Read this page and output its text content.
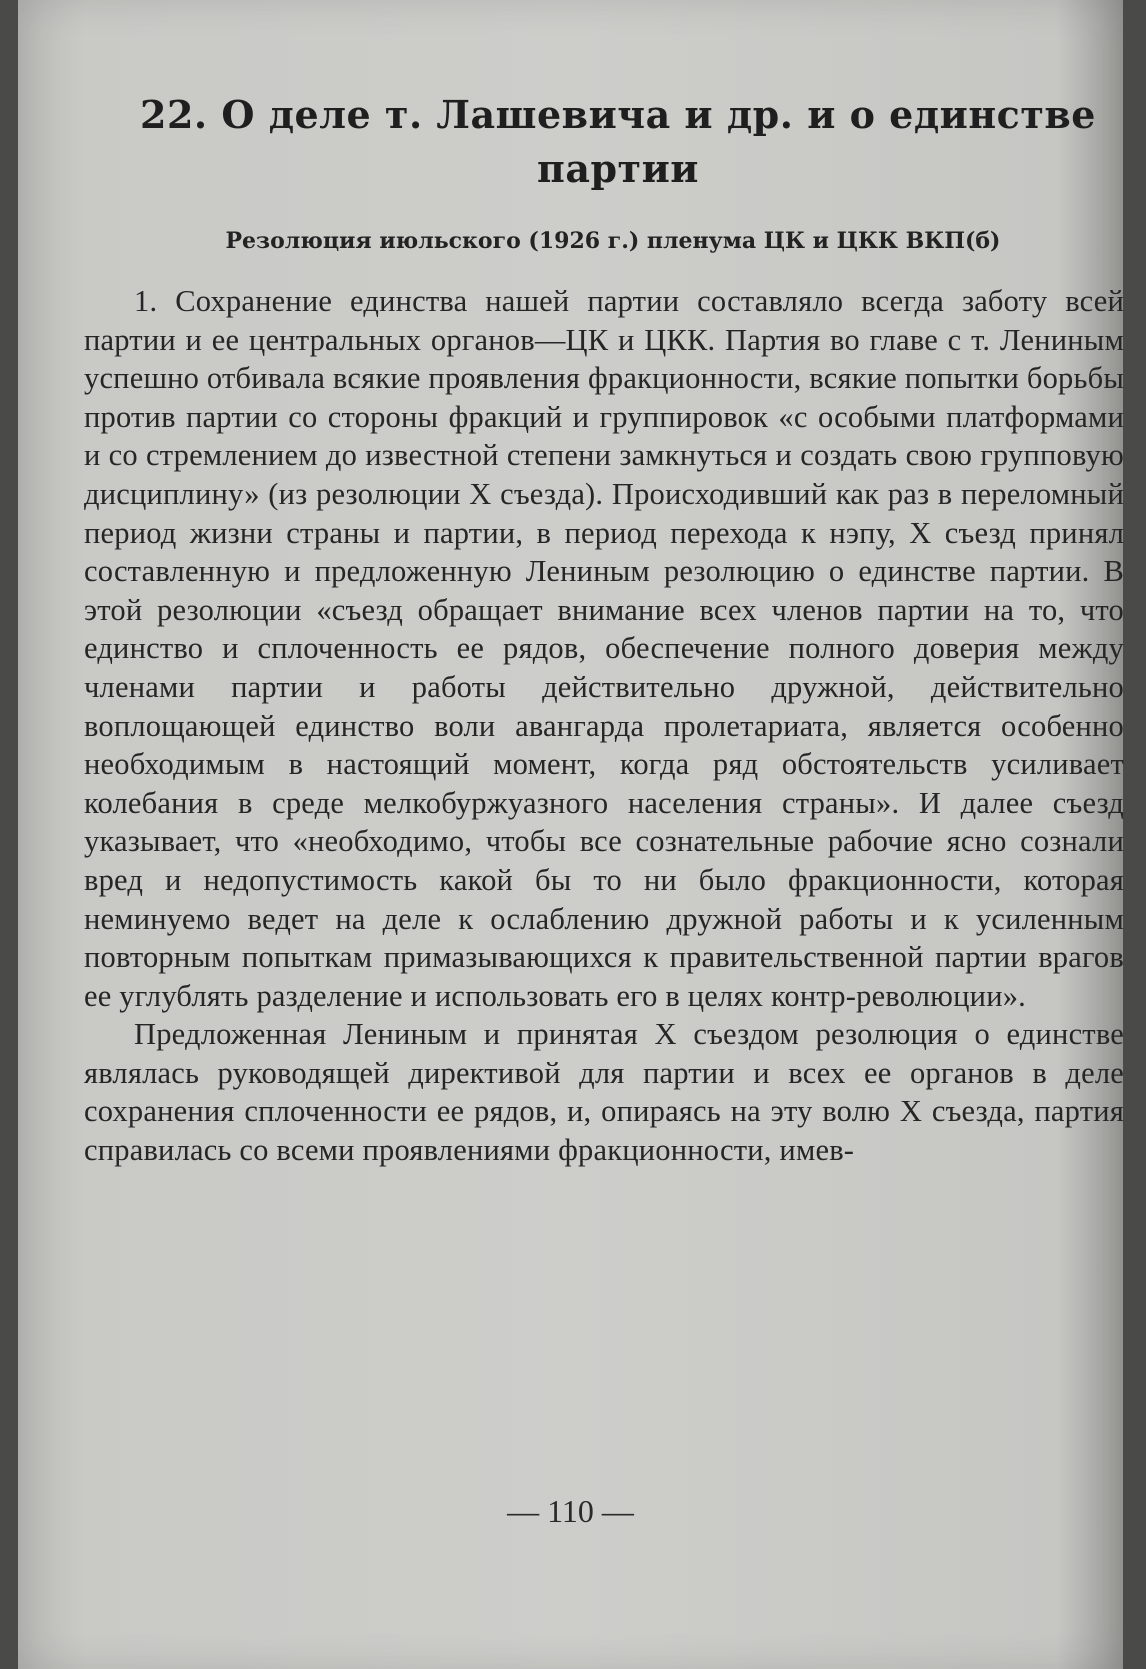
22. О деле т. Лашевича и др. и о единстве партии
Резолюция июльского (1926 г.) пленума ЦК и ЦКК ВКП(б)

1. Сохранение единства нашей партии составляло всегда заботу всей партии и ее центральных органов—ЦК и ЦКК. Партия во главе с т. Лениным успешно отбивала всякие проявления фракционности, всякие попытки борьбы против партии со стороны фракций и группировок «с особыми платформами и со стремлением до известной степени замкнуться и создать свою групповую дисциплину» (из резолюции X съезда). Происходивший как раз в переломный период жизни страны и партии, в период перехода к нэпу, X съезд принял составленную и предложенную Лениным резолюцию о единстве партии. В этой резолюции «съезд обращает внимание всех членов партии на то, что единство и сплоченность ее рядов, обеспечение полного доверия между членами партии и работы действительно дружной, действительно воплощающей единство воли авангарда пролетариата, является особенно необходимым в настоящий момент, когда ряд обстоятельств усиливает колебания в среде мелкобуржуазного населения страны». И далее съезд указывает, что «необходимо, чтобы все сознательные рабочие ясно сознали вред и недопустимость какой бы то ни было фракционности, которая неминуемо ведет на деле к ослаблению дружной работы и к усиленным повторным попыткам примазывающихся к правительственной партии врагов ее углублять разделение и использовать его в целях контр-революции».

Предложенная Лениным и принятая X съездом резолюция о единстве являлась руководящей директивой для партии и всех ее органов в деле сохранения сплоченности ее рядов, и, опираясь на эту волю X съезда, партия справилась со всеми проявлениями фракционности, имев-

— 110 —
